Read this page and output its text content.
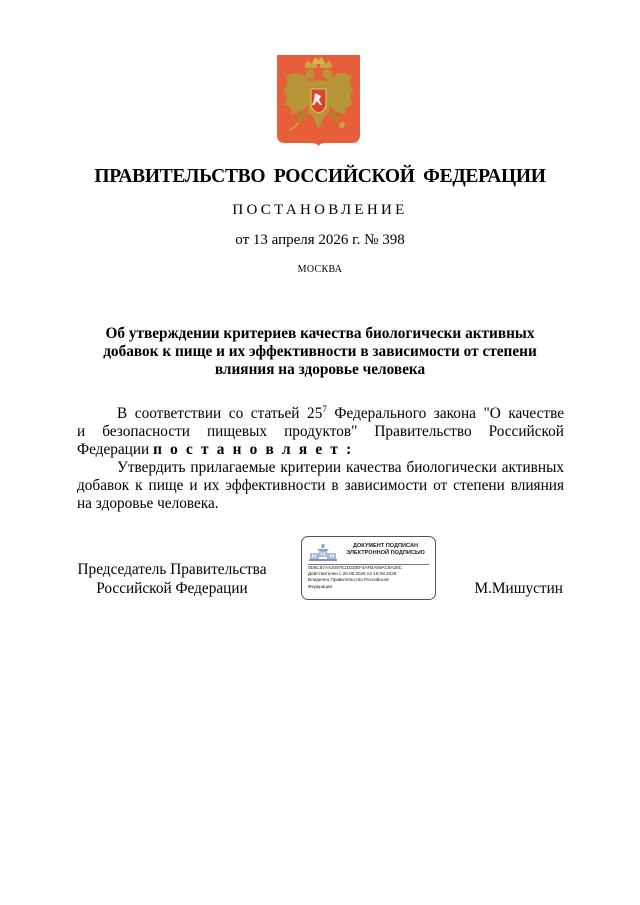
ПРАВИТЕЛЬСТВО РОССИЙСКОЙ ФЕДЕРАЦИИ
ПОСТАНОВЛЕНИЕ
от 13 апреля 2026 г. № 398
МОСКВА
Об утверждении критериев качества биологически активных
добавок к пище и их эффективности в зависимости от степени
влияния на здоровье человека
В соответствии со статьей $25^7$ Федерального закона "О качестве
и безопасности пищевых продуктов" Правительство Российской
Федерации п о с т а н о в л я е т :
Утвердить прилагаемые критерии качества биологически активных
добавок к пище и их эффективности в зависимости от степени влияния
на здоровье человека.
Председатель Правительства
Российской Федерации
ДОКУМЕНТ ПОДПИСАН
ЭЛЕКТРОННОЙ ПОДПИСЬЮ
0D6C87AA2097E2D2DEF4AFBA69AC8A38C
Действителен с 26.06.2025 по 19.09.2026
Владелец Правительство Российской
Федерации	М.Мишустин
